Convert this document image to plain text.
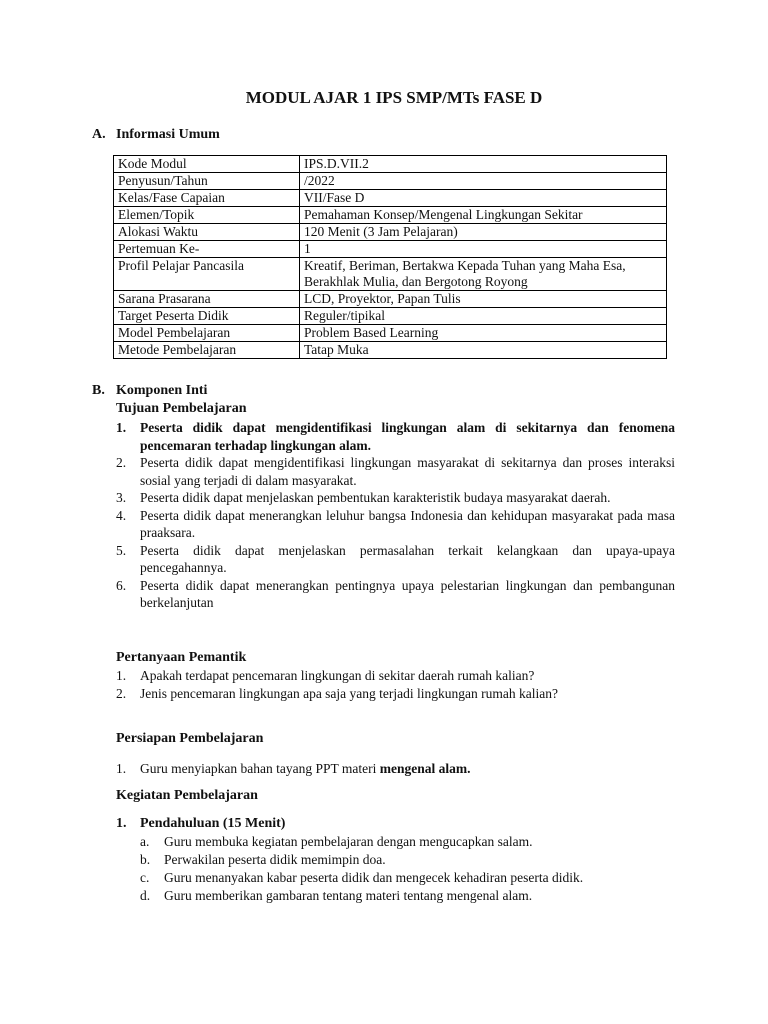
MODUL AJAR 1 IPS SMP/MTs FASE D
A. Informasi Umum
Kode Modul	IPS.D.VII.2
Penyusun/Tahun	/2022
Kelas/Fase Capaian	VII/Fase D
Elemen/Topik	Pemahaman Konsep/Mengenal Lingkungan Sekitar
Alokasi Waktu	120 Menit (3 Jam Pelajaran)
Pertemuan Ke-	1
Profil Pelajar Pancasila	Kreatif, Beriman, Bertakwa Kepada Tuhan yang Maha Esa, Berakhlak Mulia, dan Bergotong Royong
Sarana Prasarana	LCD, Proyektor, Papan Tulis
Target Peserta Didik	Reguler/tipikal
Model Pembelajaran	Problem Based Learning
Metode Pembelajaran	Tatap Muka
B. Komponen Inti
Tujuan Pembelajaran
1. Peserta didik dapat mengidentifikasi lingkungan alam di sekitarnya dan fenomena pencemaran terhadap lingkungan alam.
2. Peserta didik dapat mengidentifikasi lingkungan masyarakat di sekitarnya dan proses interaksi sosial yang terjadi di dalam masyarakat.
3. Peserta didik dapat menjelaskan pembentukan karakteristik budaya masyarakat daerah.
4. Peserta didik dapat menerangkan leluhur bangsa Indonesia dan kehidupan masyarakat pada masa praaksara.
5. Peserta didik dapat menjelaskan permasalahan terkait kelangkaan dan upaya-upaya pencegahannya.
6. Peserta didik dapat menerangkan pentingnya upaya pelestarian lingkungan dan pembangunan berkelanjutan
Pertanyaan Pemantik
1. Apakah terdapat pencemaran lingkungan di sekitar daerah rumah kalian?
2. Jenis pencemaran lingkungan apa saja yang terjadi lingkungan rumah kalian?
Persiapan Pembelajaran
1. Guru menyiapkan bahan tayang PPT materi mengenal alam.
Kegiatan Pembelajaran
1. Pendahuluan (15 Menit)
a. Guru membuka kegiatan pembelajaran dengan mengucapkan salam.
b. Perwakilan peserta didik memimpin doa.
c. Guru menanyakan kabar peserta didik dan mengecek kehadiran peserta didik.
d. Guru memberikan gambaran tentang materi tentang mengenal alam.
